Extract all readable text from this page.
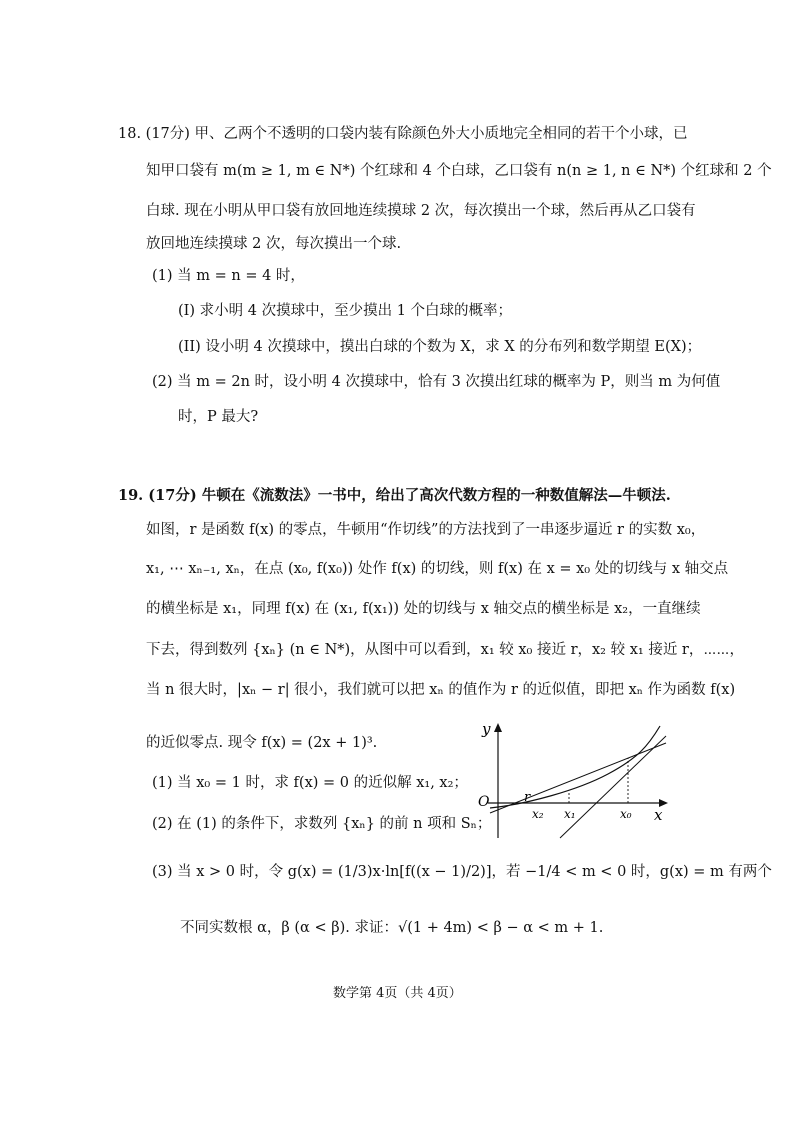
18. (17分) 甲、乙两个不透明的口袋内装有除颜色外大小质地完全相同的若干个小球，已
知甲口袋有 m(m ≥ 1, m ∈ N*) 个红球和 4 个白球，乙口袋有 n(n ≥ 1, n ∈ N*) 个红球和 2 个
白球. 现在小明从甲口袋有放回地连续摸球 2 次，每次摸出一个球，然后再从乙口袋有
放回地连续摸球 2 次，每次摸出一个球.
(1) 当 m = n = 4 时，
(I) 求小明 4 次摸球中，至少摸出 1 个白球的概率；
(II) 设小明 4 次摸球中，摸出白球的个数为 X，求 X 的分布列和数学期望 E(X)；
(2) 当 m = 2n 时，设小明 4 次摸球中，恰有 3 次摸出红球的概率为 P，则当 m 为何值
时，P 最大?
19. (17分) 牛顿在《流数法》一书中，给出了高次代数方程的一种数值解法—牛顿法.
如图，r 是函数 f(x) 的零点，牛顿用“作切线”的方法找到了一串逐步逼近 r 的实数 x₀，
x₁, ⋯ xₙ₋₁, xₙ，在点 (x₀, f(x₀)) 处作 f(x) 的切线，则 f(x) 在 x = x₀ 处的切线与 x 轴交点
的横坐标是 x₁，同理 f(x) 在 (x₁, f(x₁)) 处的切线与 x 轴交点的横坐标是 x₂，一直继续
下去，得到数列 {xₙ} (n ∈ N*)，从图中可以看到，x₁ 较 x₀ 接近 r，x₂ 较 x₁ 接近 r，⋯⋯，
当 n 很大时，|xₙ − r| 很小，我们就可以把 xₙ 的值作为 r 的近似值，即把 xₙ 作为函数 f(x)
的近似零点. 现令 f(x) = (2x + 1)³.
(1) 当 x₀ = 1 时，求 f(x) = 0 的近似解 x₁, x₂；
(2) 在 (1) 的条件下，求数列 {xₙ} 的前 n 项和 Sₙ；
(3) 当 x > 0 时，令 g(x) = (1/3)x·ln[f((x − 1)/2)]，若 −1/4 < m < 0 时，g(x) = m 有两个
不同实数根 α，β (α < β). 求证：√(1 + 4m) < β − α < m + 1.
y
x
O	r
x₂ x₁	x₀
数学第 4页（共 4页）
